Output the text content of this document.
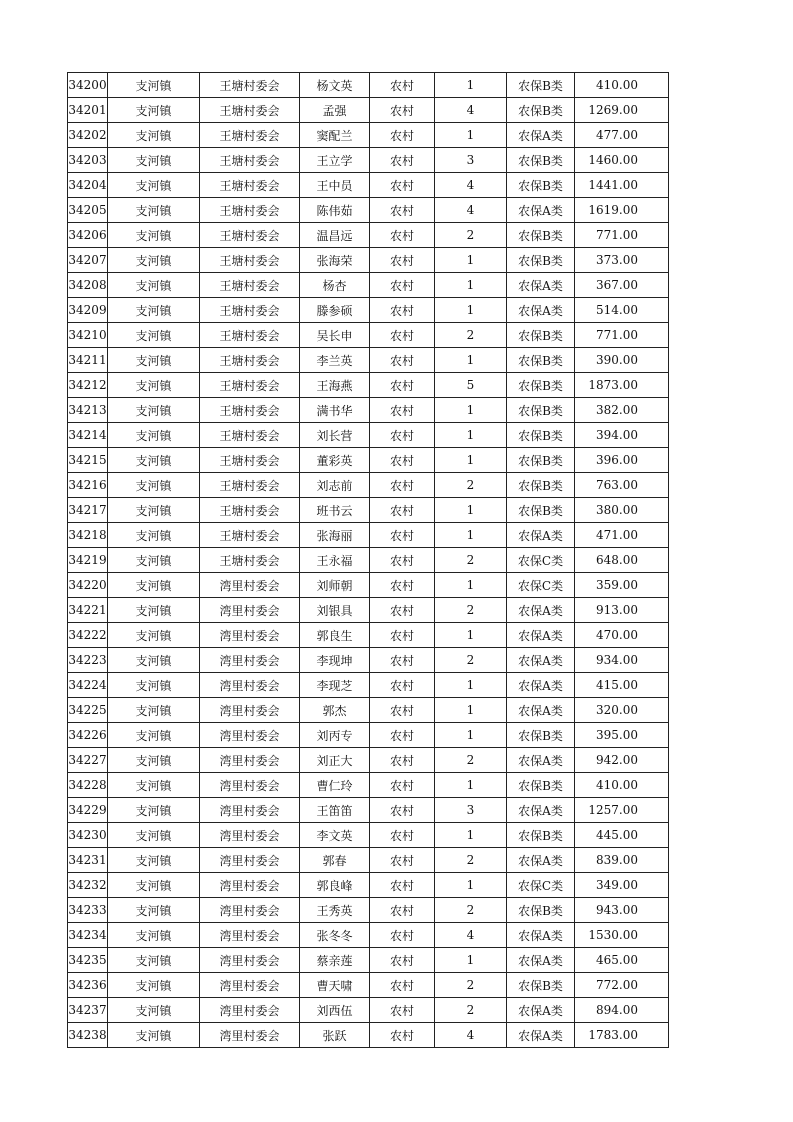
34200	支河镇	王塘村委会	杨文英	农村	1	农保B类	410.00
34201	支河镇	王塘村委会	孟强	农村	4	农保B类	1269.00
34202	支河镇	王塘村委会	窦配兰	农村	1	农保A类	477.00
34203	支河镇	王塘村委会	王立学	农村	3	农保B类	1460.00
34204	支河镇	王塘村委会	王中员	农村	4	农保B类	1441.00
34205	支河镇	王塘村委会	陈伟茹	农村	4	农保A类	1619.00
34206	支河镇	王塘村委会	温昌远	农村	2	农保B类	771.00
34207	支河镇	王塘村委会	张海荣	农村	1	农保B类	373.00
34208	支河镇	王塘村委会	杨杏	农村	1	农保A类	367.00
34209	支河镇	王塘村委会	滕参硕	农村	1	农保A类	514.00
34210	支河镇	王塘村委会	吴长申	农村	2	农保B类	771.00
34211	支河镇	王塘村委会	李兰英	农村	1	农保B类	390.00
34212	支河镇	王塘村委会	王海燕	农村	5	农保B类	1873.00
34213	支河镇	王塘村委会	满书华	农村	1	农保B类	382.00
34214	支河镇	王塘村委会	刘长营	农村	1	农保B类	394.00
34215	支河镇	王塘村委会	董彩英	农村	1	农保B类	396.00
34216	支河镇	王塘村委会	刘志前	农村	2	农保B类	763.00
34217	支河镇	王塘村委会	班书云	农村	1	农保B类	380.00
34218	支河镇	王塘村委会	张海丽	农村	1	农保A类	471.00
34219	支河镇	王塘村委会	王永福	农村	2	农保C类	648.00
34220	支河镇	湾里村委会	刘师朝	农村	1	农保C类	359.00
34221	支河镇	湾里村委会	刘银具	农村	2	农保A类	913.00
34222	支河镇	湾里村委会	郭良生	农村	1	农保A类	470.00
34223	支河镇	湾里村委会	李现坤	农村	2	农保A类	934.00
34224	支河镇	湾里村委会	李现芝	农村	1	农保A类	415.00
34225	支河镇	湾里村委会	郭杰	农村	1	农保A类	320.00
34226	支河镇	湾里村委会	刘丙专	农村	1	农保B类	395.00
34227	支河镇	湾里村委会	刘正大	农村	2	农保A类	942.00
34228	支河镇	湾里村委会	曹仁玲	农村	1	农保B类	410.00
34229	支河镇	湾里村委会	王笛笛	农村	3	农保A类	1257.00
34230	支河镇	湾里村委会	李文英	农村	1	农保B类	445.00
34231	支河镇	湾里村委会	郭春	农村	2	农保A类	839.00
34232	支河镇	湾里村委会	郭良峰	农村	1	农保C类	349.00
34233	支河镇	湾里村委会	王秀英	农村	2	农保B类	943.00
34234	支河镇	湾里村委会	张冬冬	农村	4	农保A类	1530.00
34235	支河镇	湾里村委会	蔡亲莲	农村	1	农保A类	465.00
34236	支河镇	湾里村委会	曹天啸	农村	2	农保B类	772.00
34237	支河镇	湾里村委会	刘西伍	农村	2	农保A类	894.00
34238	支河镇	湾里村委会	张跃	农村	4	农保A类	1783.00
